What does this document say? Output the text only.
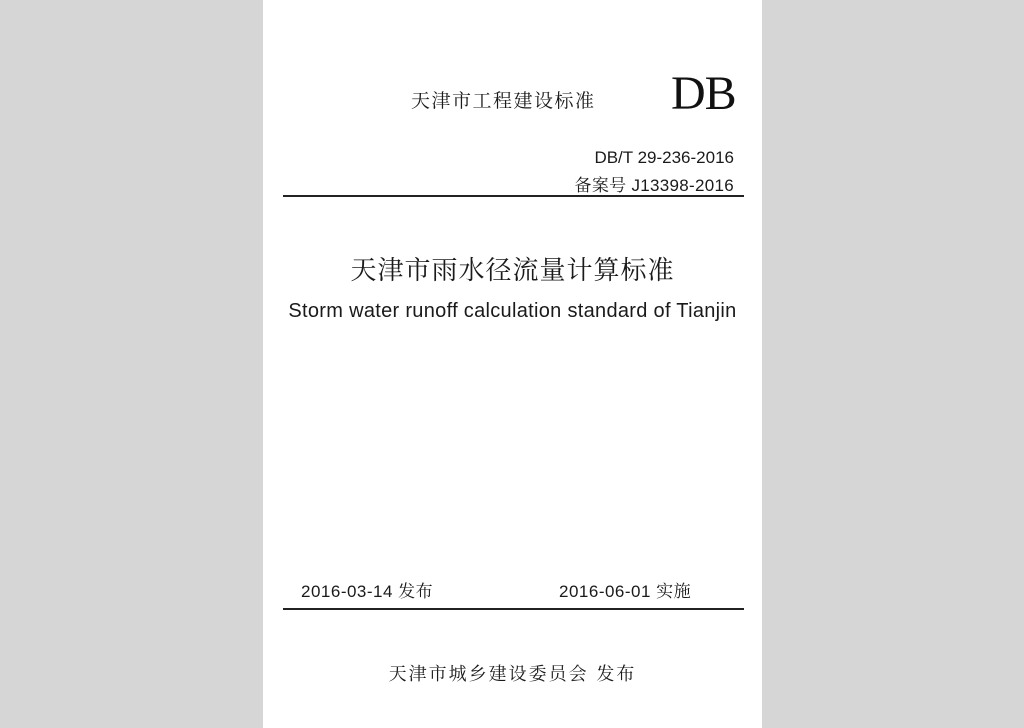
天津市工程建设标准 DB
DB/T 29-236-2016
备案号 J13398-2016
天津市雨水径流量计算标准
Storm water runoff calculation standard of Tianjin
2016-03-14 发布	2016-06-01 实施
天津市城乡建设委员会 发布
